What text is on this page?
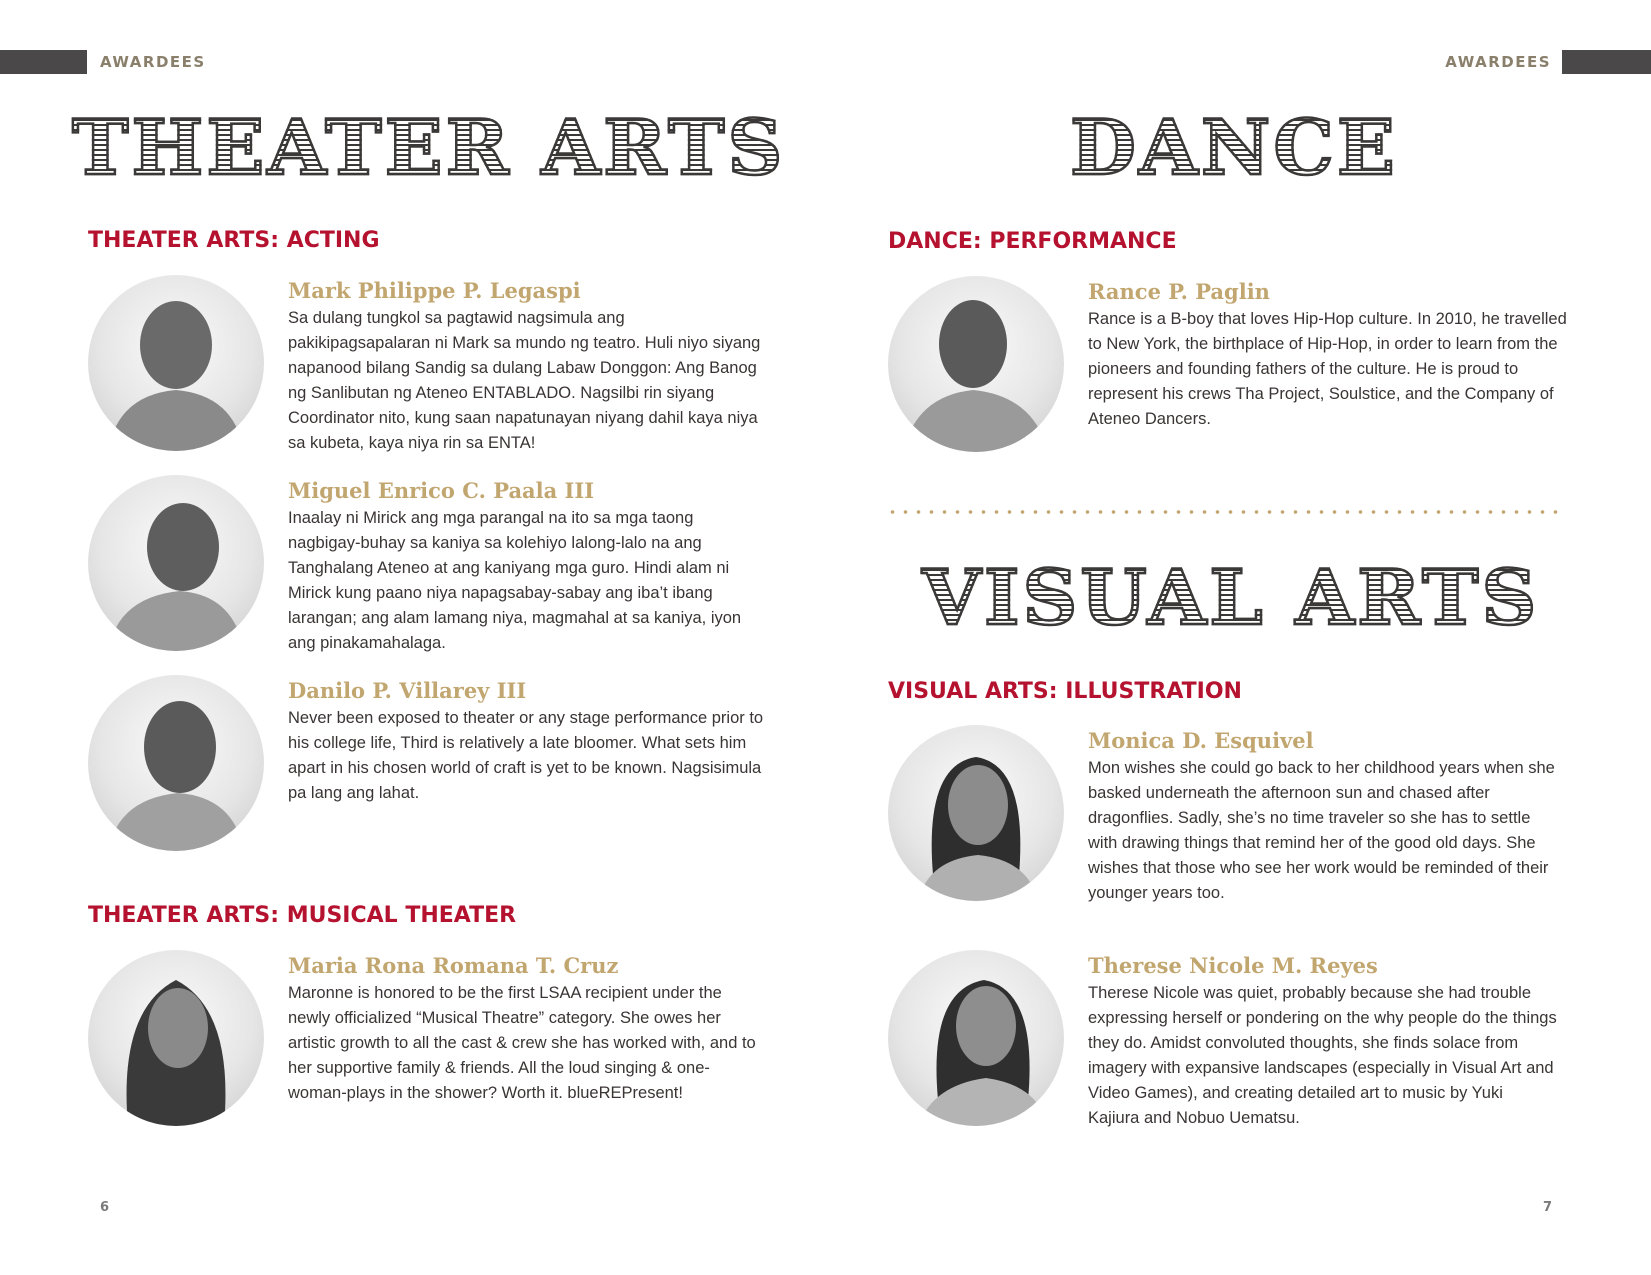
AWARDEES	AWARDEES
THEATER ARTS
THEATER ARTS: ACTING
Mark Philippe P. Legaspi

Sa dulang tungkol sa pagtawid nagsimula ang pakikipagsapalaran ni Mark sa mundo ng teatro. Huli niyo siyang napanood bilang Sandig sa dulang Labaw Donggon: Ang Banog ng Sanlibutan ng Ateneo ENTABLADO. Nagsilbi rin siyang Coordinator nito, kung saan napatunayan niyang dahil kaya niya sa kubeta, kaya niya rin sa ENTA!

Miguel Enrico C. Paala III

Inaalay ni Mirick ang mga parangal na ito sa mga taong nagbigay-buhay sa kaniya sa kolehiyo lalong-lalo na ang Tanghalang Ateneo at ang kaniyang mga guro. Hindi alam ni Mirick kung paano niya napagsabay-sabay ang iba’t ibang larangan; ang alam lamang niya, magmahal at sa kaniya, iyon ang pinakamahalaga.

Danilo P. Villarey III

Never been exposed to theater or any stage performance prior to his college life, Third is relatively a late bloomer. What sets him apart in his chosen world of craft is yet to be known. Nagsisimula pa lang ang lahat.

THEATER ARTS: MUSICAL THEATER
Maria Rona Romana T. Cruz

Maronne is honored to be the first LSAA recipient under the newly officialized “Musical Theatre” category. She owes her artistic growth to all the cast & crew she has worked with, and to her supportive family & friends. All the loud singing & one-woman-plays in the shower? Worth it. blueREPresent!

6
DANCE
DANCE: PERFORMANCE
Rance P. Paglin

Rance is a B-boy that loves Hip-Hop culture. In 2010, he travelled to New York, the birthplace of Hip-Hop, in order to learn from the pioneers and founding fathers of the culture. He is proud to represent his crews Tha Project, Soulstice, and the Company of Ateneo Dancers.

VISUAL ARTS
VISUAL ARTS: ILLUSTRATION
Monica D. Esquivel

Mon wishes she could go back to her childhood years when she basked underneath the afternoon sun and chased after dragonflies. Sadly, she’s no time traveler so she has to settle with drawing things that remind her of the good old days. She wishes that those who see her work would be reminded of their younger years too.

Therese Nicole M. Reyes

Therese Nicole was quiet, probably because she had trouble expressing herself or pondering on the why people do the things they do. Amidst convoluted thoughts, she finds solace from imagery with expansive landscapes (especially in Visual Art and Video Games), and creating detailed art to music by Yuki Kajiura and Nobuo Uematsu.

7
